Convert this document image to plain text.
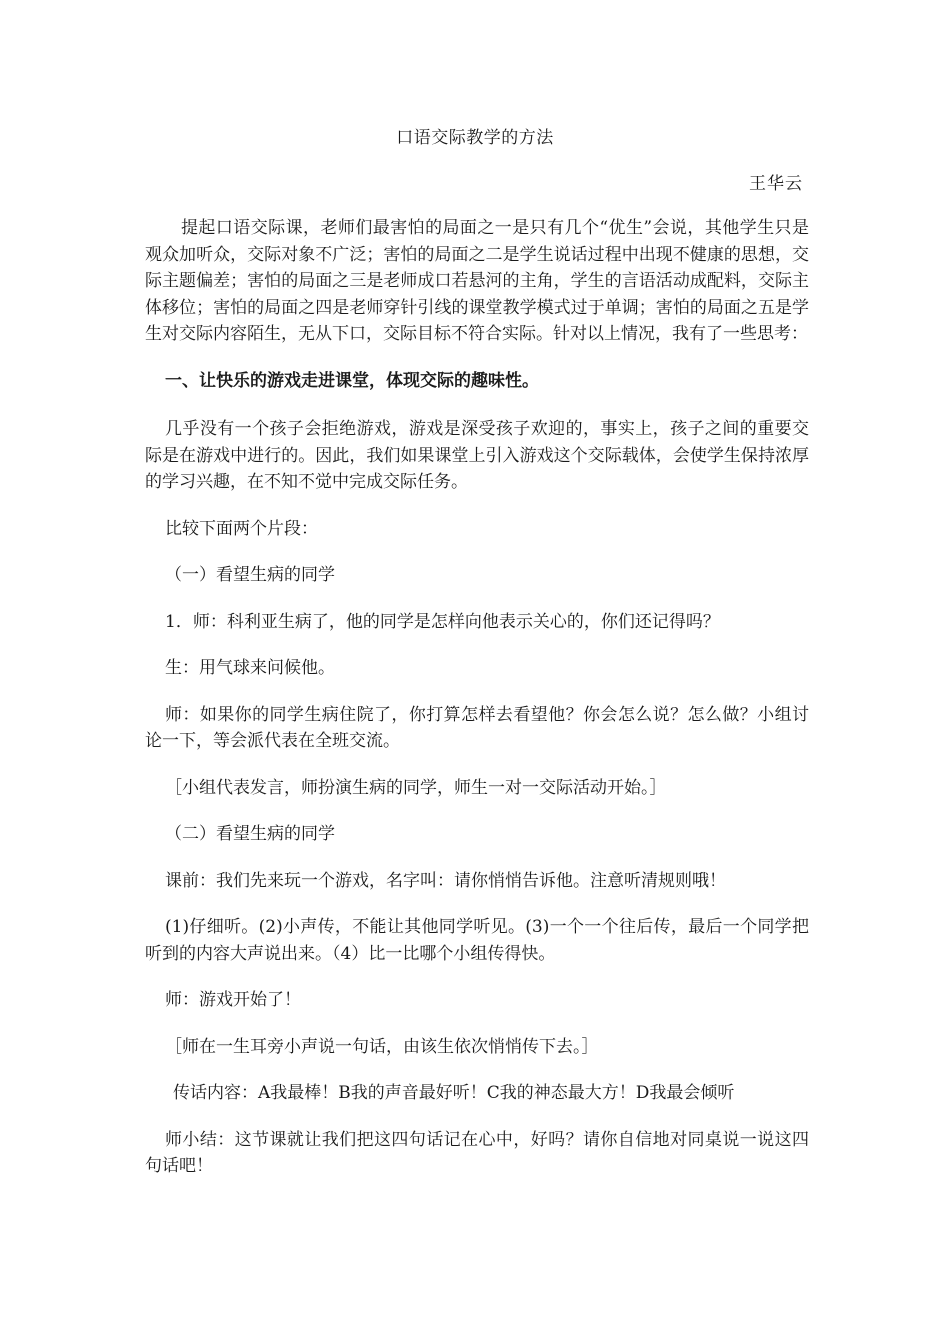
口语交际教学的方法
王华云

提起口语交际课，老师们最害怕的局面之一是只有几个“优生”会说，其他学生只是观众加听众，交际对象不广泛；害怕的局面之二是学生说话过程中出现不健康的思想，交际主题偏差；害怕的局面之三是老师成口若悬河的主角，学生的言语活动成配料，交际主体移位；害怕的局面之四是老师穿针引线的课堂教学模式过于单调；害怕的局面之五是学生对交际内容陌生，无从下口，交际目标不符合实际。针对以上情况，我有了一些思考：

一、让快乐的游戏走进课堂，体现交际的趣味性。

几乎没有一个孩子会拒绝游戏，游戏是深受孩子欢迎的，事实上，孩子之间的重要交际是在游戏中进行的。因此，我们如果课堂上引入游戏这个交际载体，会使学生保持浓厚的学习兴趣，在不知不觉中完成交际任务。

比较下面两个片段：

（一）看望生病的同学

1．师：科利亚生病了，他的同学是怎样向他表示关心的，你们还记得吗？

生：用气球来问候他。

师：如果你的同学生病住院了，你打算怎样去看望他？你会怎么说？怎么做？小组讨论一下，等会派代表在全班交流。

［小组代表发言，师扮演生病的同学，师生一对一交际活动开始。］

（二）看望生病的同学

课前：我们先来玩一个游戏，名字叫：请你悄悄告诉他。注意听清规则哦！

(1)仔细听。(2)小声传，不能让其他同学听见。(3)一个一个往后传，最后一个同学把听到的内容大声说出来。（4）比一比哪个小组传得快。

师：游戏开始了！

［师在一生耳旁小声说一句话，由该生依次悄悄传下去。］

传话内容：A我最棒！B我的声音最好听！C我的神态最大方！D我最会倾听

师小结：这节课就让我们把这四句话记在心中，好吗？请你自信地对同桌说一说这四句话吧！
